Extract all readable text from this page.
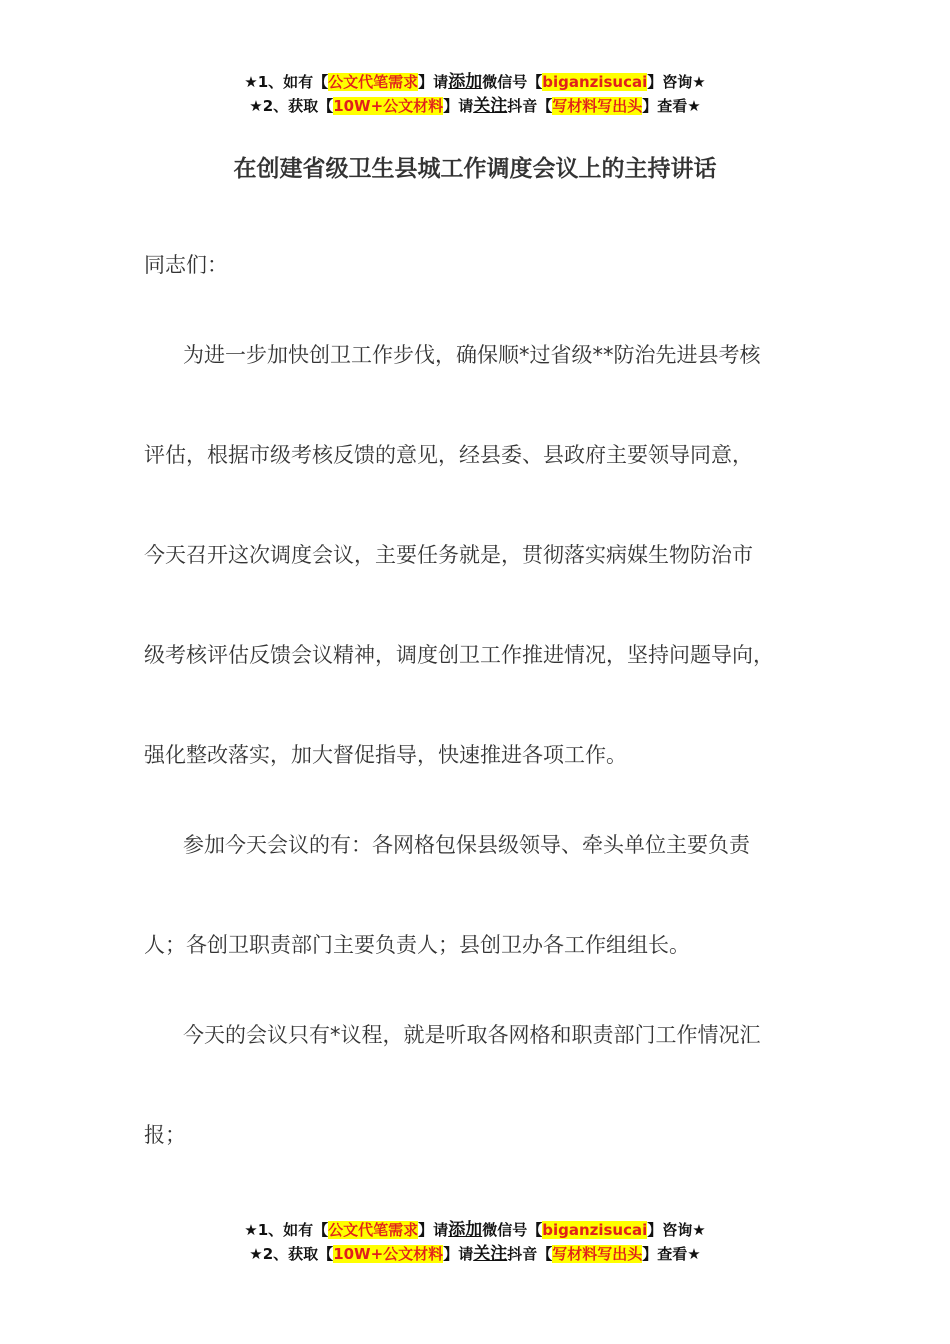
★1、如有【公文代笔需求】请添加微信号【biganzisucai】咨询★
★2、获取【10W+公文材料】请关注抖音【写材料写出头】查看★
在创建省级卫生县城工作调度会议上的主持讲话
同志们：
为进一步加快创卫工作步伐，确保顺*过省级**防治先进县考核
评估，根据市级考核反馈的意见，经县委、县政府主要领导同意，
今天召开这次调度会议，主要任务就是，贯彻落实病媒生物防治市
级考核评估反馈会议精神，调度创卫工作推进情况，坚持问题导向，
强化整改落实，加大督促指导，快速推进各项工作。
参加今天会议的有：各网格包保县级领导、牵头单位主要负责
人；各创卫职责部门主要负责人；县创卫办各工作组组长。
今天的会议只有*议程，就是听取各网格和职责部门工作情况汇
报；
★1、如有【公文代笔需求】请添加微信号【biganzisucai】咨询★
★2、获取【10W+公文材料】请关注抖音【写材料写出头】查看★
